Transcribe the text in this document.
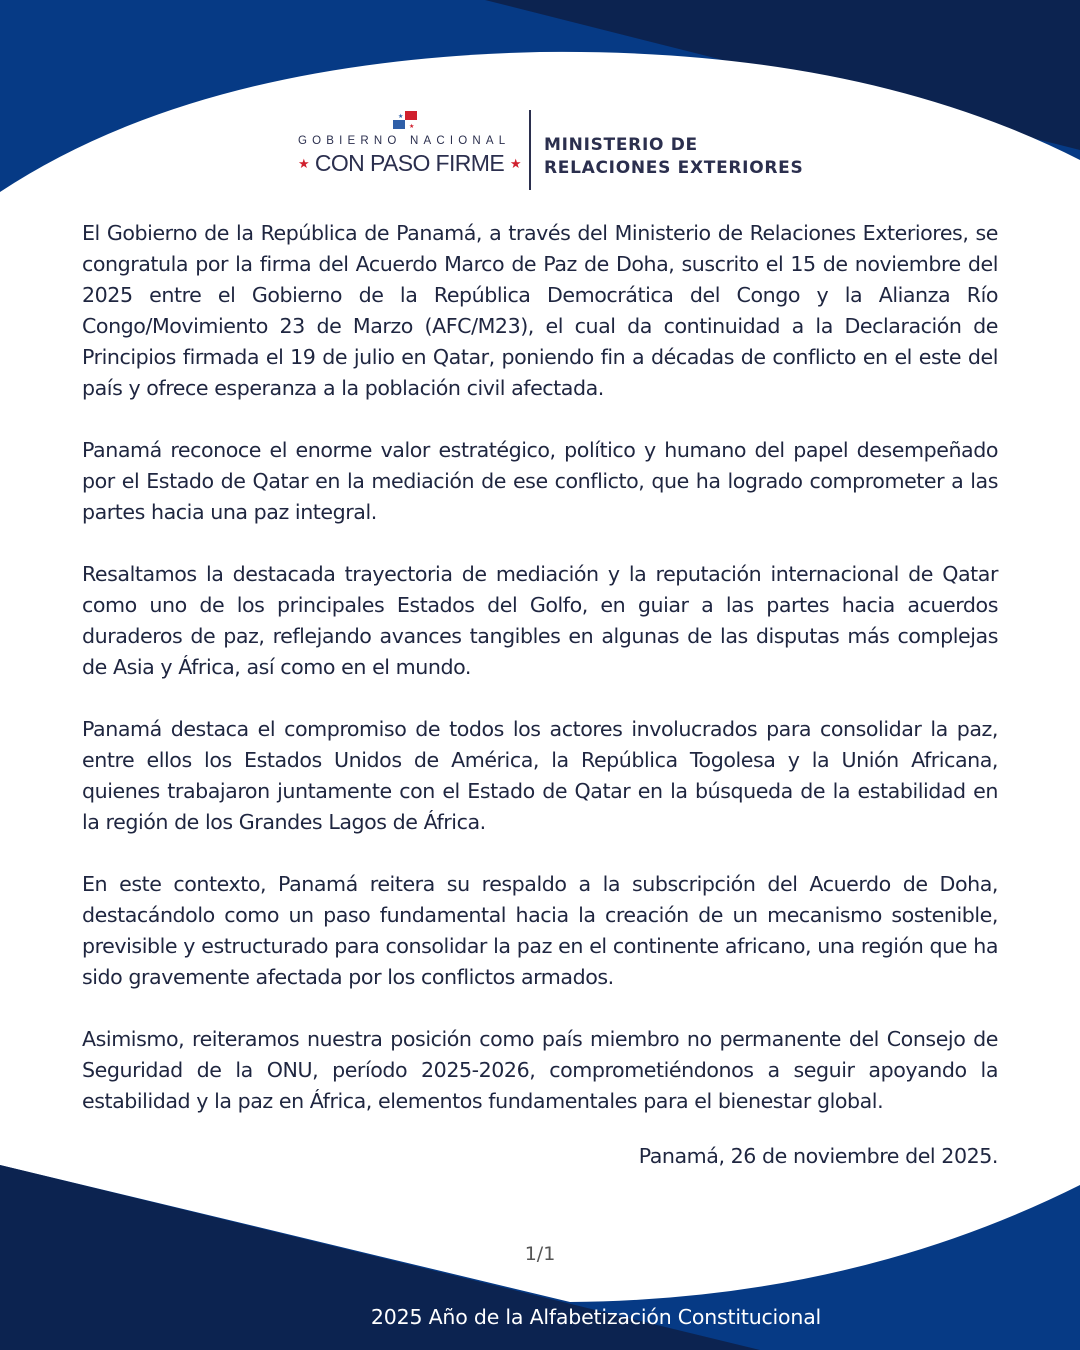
★
★
GOBIERNO NACIONAL
★ CON PASO FIRME ★
MINISTERIO DE
RELACIONES EXTERIORES

El Gobierno de la República de Panamá, a través del Ministerio de Relaciones Exteriores, se congratula por la firma del Acuerdo Marco de Paz de Doha, suscrito el 15 de noviembre del 2025 entre el Gobierno de la República Democrática del Congo y la Alianza Río Congo/Movimiento 23 de Marzo (AFC/M23), el cual da continuidad a la Declaración de Principios firmada el 19 de julio en Qatar, poniendo fin a décadas de conflicto en el este del país y ofrece esperanza a la población civil afectada.

Panamá reconoce el enorme valor estratégico, político y humano del papel desempeñado por el Estado de Qatar en la mediación de ese conflicto, que ha logrado comprometer a las partes hacia una paz integral.

Resaltamos la destacada trayectoria de mediación y la reputación internacional de Qatar como uno de los principales Estados del Golfo, en guiar a las partes hacia acuerdos duraderos de paz, reflejando avances tangibles en algunas de las disputas más complejas de Asia y África, así como en el mundo.

Panamá destaca el compromiso de todos los actores involucrados para consolidar la paz, entre ellos los Estados Unidos de América, la República Togolesa y la Unión Africana, quienes trabajaron juntamente con el Estado de Qatar en la búsqueda de la estabilidad en la región de los Grandes Lagos de África.

En este contexto, Panamá reitera su respaldo a la subscripción del Acuerdo de Doha, destacándolo como un paso fundamental hacia la creación de un mecanismo sostenible, previsible y estructurado para consolidar la paz en el continente africano, una región que ha sido gravemente afectada por los conflictos armados.

Asimismo, reiteramos nuestra posición como país miembro no permanente del Consejo de Seguridad de la ONU, período 2025-2026, comprometiéndonos a seguir apoyando la estabilidad y la paz en África, elementos fundamentales para el bienestar global.

Panamá, 26 de noviembre del 2025.
1/1
2025 Año de la Alfabetización Constitucional
